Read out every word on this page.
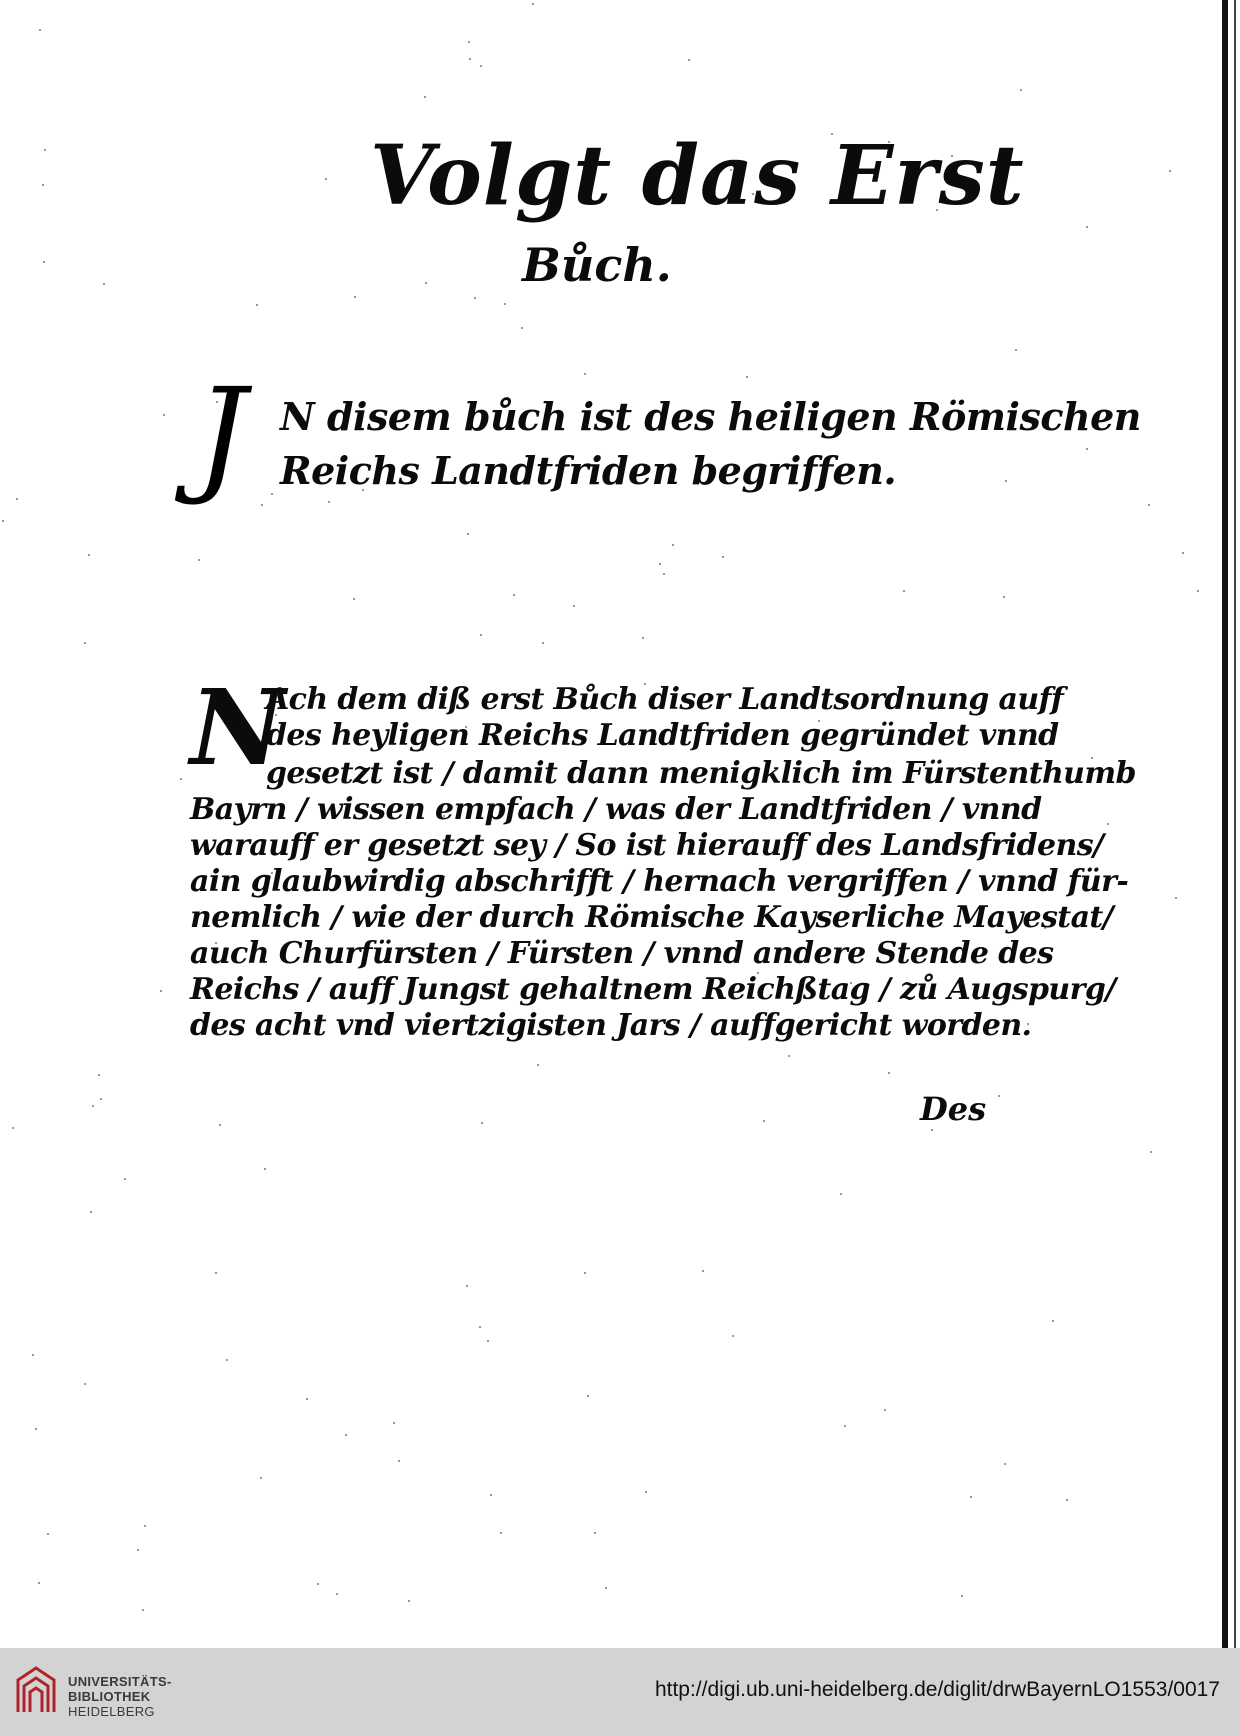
Volgt das Erst
Bůch.
J N disem bůch ist des heiligen Römischen
Reichs Landtfriden begriffen.
N
Ach dem diß erst Bůch diser Landtsordnung auff
des heyligen Reichs Landtfriden gegründet vnnd
gesetzt ist / damit dann menigklich im Fürstenthumb
Bayrn / wissen empfach / was der Landtfriden / vnnd
warauff er gesetzt sey / So ist hierauff des Landsfridens/
ain glaubwirdig abschrifft / hernach vergriffen / vnnd für-
nemlich / wie der durch Römische Kayserliche Mayestat/
auch Churfürsten / Fürsten / vnnd andere Stende des
Reichs / auff Jungst gehaltnem Reichßtag / zů Augspurg/
des acht vnd viertzigisten Jars / auffgericht worden.
Des
UNIVERSITÄTS-
BIBLIOTHEK
HEIDELBERG
http://digi.ub.uni-heidelberg.de/diglit/drwBayernLO1553/0017
